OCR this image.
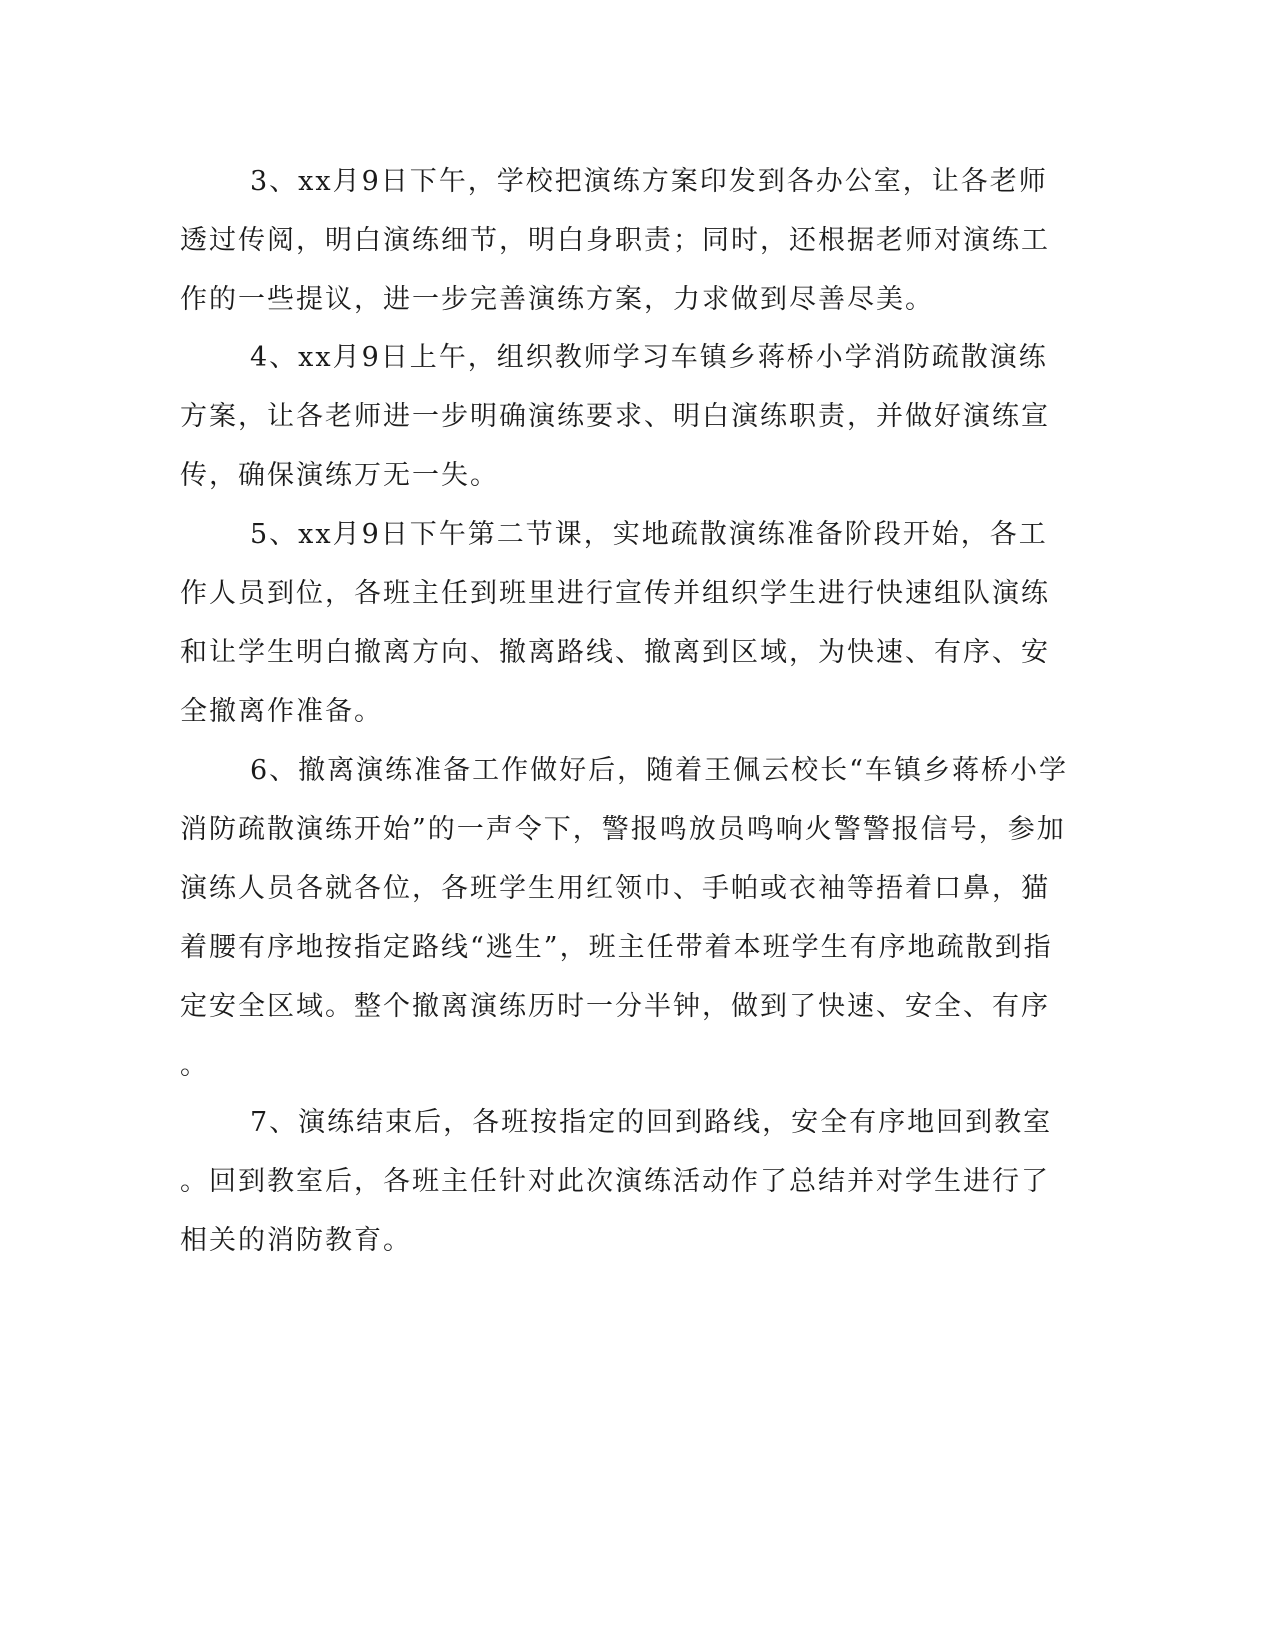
3、xx月9日下午，学校把演练方案印发到各办公室，让各老师
透过传阅，明白演练细节，明白身职责；同时，还根据老师对演练工
作的一些提议，进一步完善演练方案，力求做到尽善尽美。

4、xx月9日上午，组织教师学习车镇乡蒋桥小学消防疏散演练
方案，让各老师进一步明确演练要求、明白演练职责，并做好演练宣
传，确保演练万无一失。

5、xx月9日下午第二节课，实地疏散演练准备阶段开始，各工
作人员到位，各班主任到班里进行宣传并组织学生进行快速组队演练
和让学生明白撤离方向、撤离路线、撤离到区域，为快速、有序、安
全撤离作准备。

6、撤离演练准备工作做好后，随着王佩云校长“车镇乡蒋桥小学
消防疏散演练开始”的一声令下，警报鸣放员鸣响火警警报信号，参加
演练人员各就各位，各班学生用红领巾、手帕或衣袖等捂着口鼻，猫
着腰有序地按指定路线“逃生”，班主任带着本班学生有序地疏散到指
定安全区域。整个撤离演练历时一分半钟，做到了快速、安全、有序
。

7、演练结束后，各班按指定的回到路线，安全有序地回到教室
。回到教室后，各班主任针对此次演练活动作了总结并对学生进行了
相关的消防教育。
